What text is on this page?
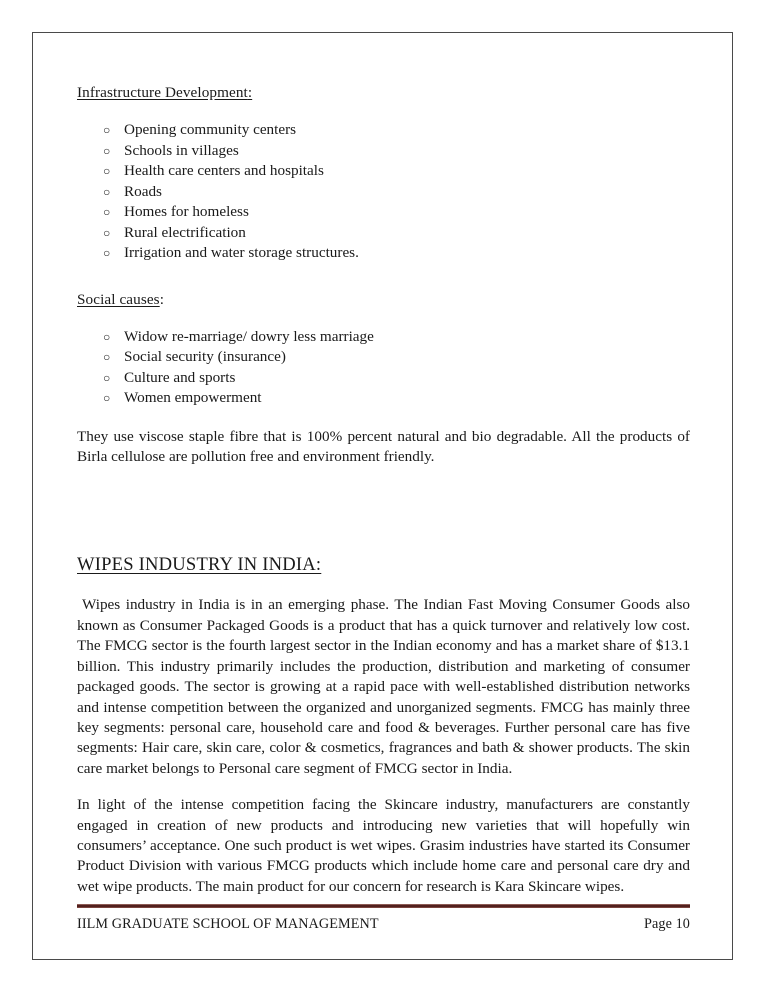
Infrastructure Development:
○ Opening community centers
○ Schools in villages
○ Health care centers and hospitals
○ Roads
○ Homes for homeless
○ Rural electrification
○ Irrigation and water storage structures.
Social causes:
○ Widow re-marriage/ dowry less marriage
○ Social security (insurance)
○ Culture and sports
○ Women empowerment

They use viscose staple fibre that is 100% percent natural and bio degradable. All the products of Birla cellulose are pollution free and environment friendly.

WIPES INDUSTRY IN INDIA:

Wipes industry in India is in an emerging phase. The Indian Fast Moving Consumer Goods also known as Consumer Packaged Goods is a product that has a quick turnover and relatively low cost. The FMCG sector is the fourth largest sector in the Indian economy and has a market share of $13.1 billion. This industry primarily includes the production, distribution and marketing of consumer packaged goods. The sector is growing at a rapid pace with well-established distribution networks and intense competition between the organized and unorganized segments. FMCG has mainly three key segments: personal care, household care and food & beverages. Further personal care has five segments: Hair care, skin care, color & cosmetics, fragrances and bath & shower products. The skin care market belongs to Personal care segment of FMCG sector in India.

In light of the intense competition facing the Skincare industry, manufacturers are constantly engaged in creation of new products and introducing new varieties that will hopefully win consumers’ acceptance. One such product is wet wipes. Grasim industries have started its Consumer Product Division with various FMCG products which include home care and personal care dry and wet wipe products. The main product for our concern for research is Kara Skincare wipes.

IILM GRADUATE SCHOOL OF MANAGEMENT	Page 10
